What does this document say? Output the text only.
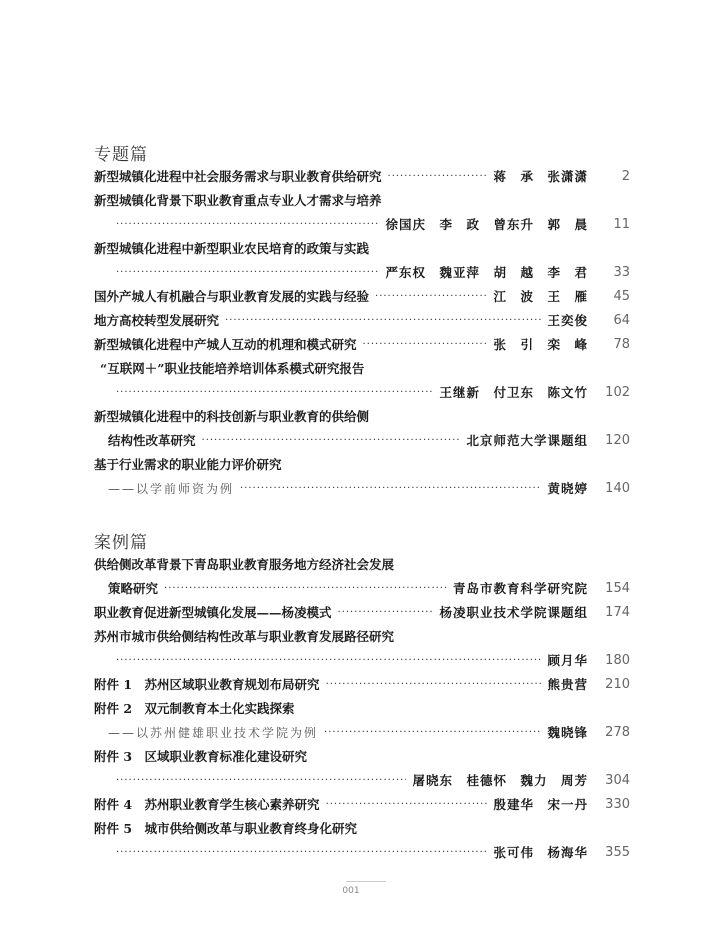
专题篇
新型城镇化进程中社会服务需求与职业教育供给研究 ·····	蒋　承　张潇潇	2
新型城镇化背景下职业教育重点专业人才需求与培养
·····
徐国庆　李　政　曾东升　郭　晨	11
新型城镇化进程中新型职业农民培育的政策与实践
·····
严东权　魏亚萍　胡　越　李　君	33
国外产城人有机融合与职业教育发展的实践与经验 ·····	江　波　王　雁	45
地方高校转型发展研究 ·····	王奕俊	64
新型城镇化进程中产城人互动的机理和模式研究 ·····	张　引　栾　峰	78
“互联网＋”职业技能培养培训体系模式研究报告
·····
王继新　付卫东　陈文竹	102
新型城镇化进程中的科技创新与职业教育的供给侧
结构性改革研究 ·····	北京师范大学课题组	120
基于行业需求的职业能力评价研究
——以学前师资为例 ·····	黄晓婷	140
案例篇
供给侧改革背景下青岛职业教育服务地方经济社会发展
策略研究 ·····	青岛市教育科学研究院	154
职业教育促进新型城镇化发展——杨凌模式 ·····	杨凌职业技术学院课题组	174
苏州市城市供给侧结构性改革与职业教育发展路径研究
·····
顾月华	180
附件 1　苏州区域职业教育规划布局研究 ·····	熊贵营	210
附件 2　双元制教育本土化实践探索
——以苏州健雄职业技术学院为例 ·····	魏晓锋	278
附件 3　区域职业教育标准化建设研究
·····
屠晓东　桂德怀　魏力　周芳	304
附件 4　苏州职业教育学生核心素养研究 ·····	殷建华　宋一丹	330
附件 5　城市供给侧改革与职业教育终身化研究
·····
张可伟　杨海华	355
001
